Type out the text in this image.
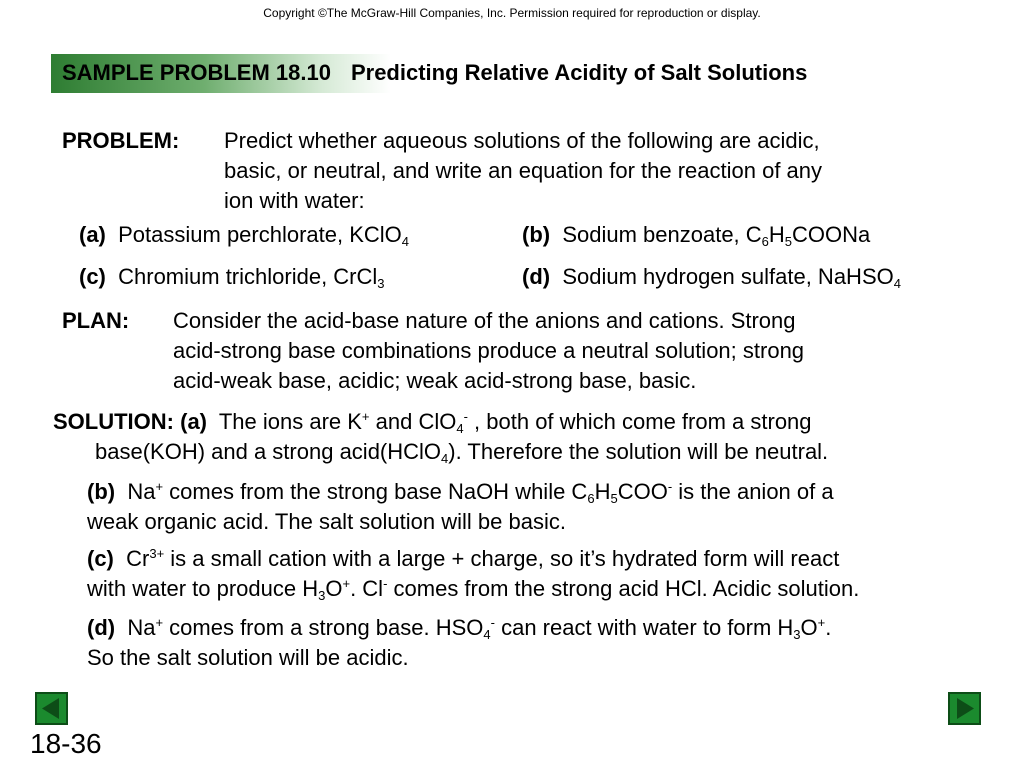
Copyright ©The McGraw-Hill Companies, Inc. Permission required for reproduction or display.
SAMPLE PROBLEM 18.10 Predicting Relative Acidity of Salt Solutions
PROBLEM: Predict whether aqueous solutions of the following are acidic,
basic, or neutral, and write an equation for the reaction of any
ion with water:
(a) Potassium perchlorate, KClO$_4$	(b) Sodium benzoate, $C_6H_5COONa$
(c) Chromium trichloride, CrCl$_3$	(d) Sodium hydrogen sulfate, NaHSO$_4$
PLAN: Consider the acid-base nature of the anions and cations. Strong
acid-strong base combinations produce a neutral solution; strong
acid-weak base, acidic; weak acid-strong base, basic.
SOLUTION: (a) The ions are K+ and ClO$_4$- , both of which come from a strong
base(KOH) and a strong acid(HClO$_4$). Therefore the solution will be neutral.
(b) Na+ comes from the strong base NaOH while $C_6H_5COO^-$ is the anion of a
weak organic acid. The salt solution will be basic.
(c) $Cr^{3+}$ is a small cation with a large + charge, so it’s hydrated form will react
with water to produce $H_3O^+$. Cl- comes from the strong acid HCl. Acidic solution.
(d) Na+ comes from a strong base. $HSO_4^-$ can react with water to form $H_3O^+$.
So the salt solution will be acidic.
18-36
